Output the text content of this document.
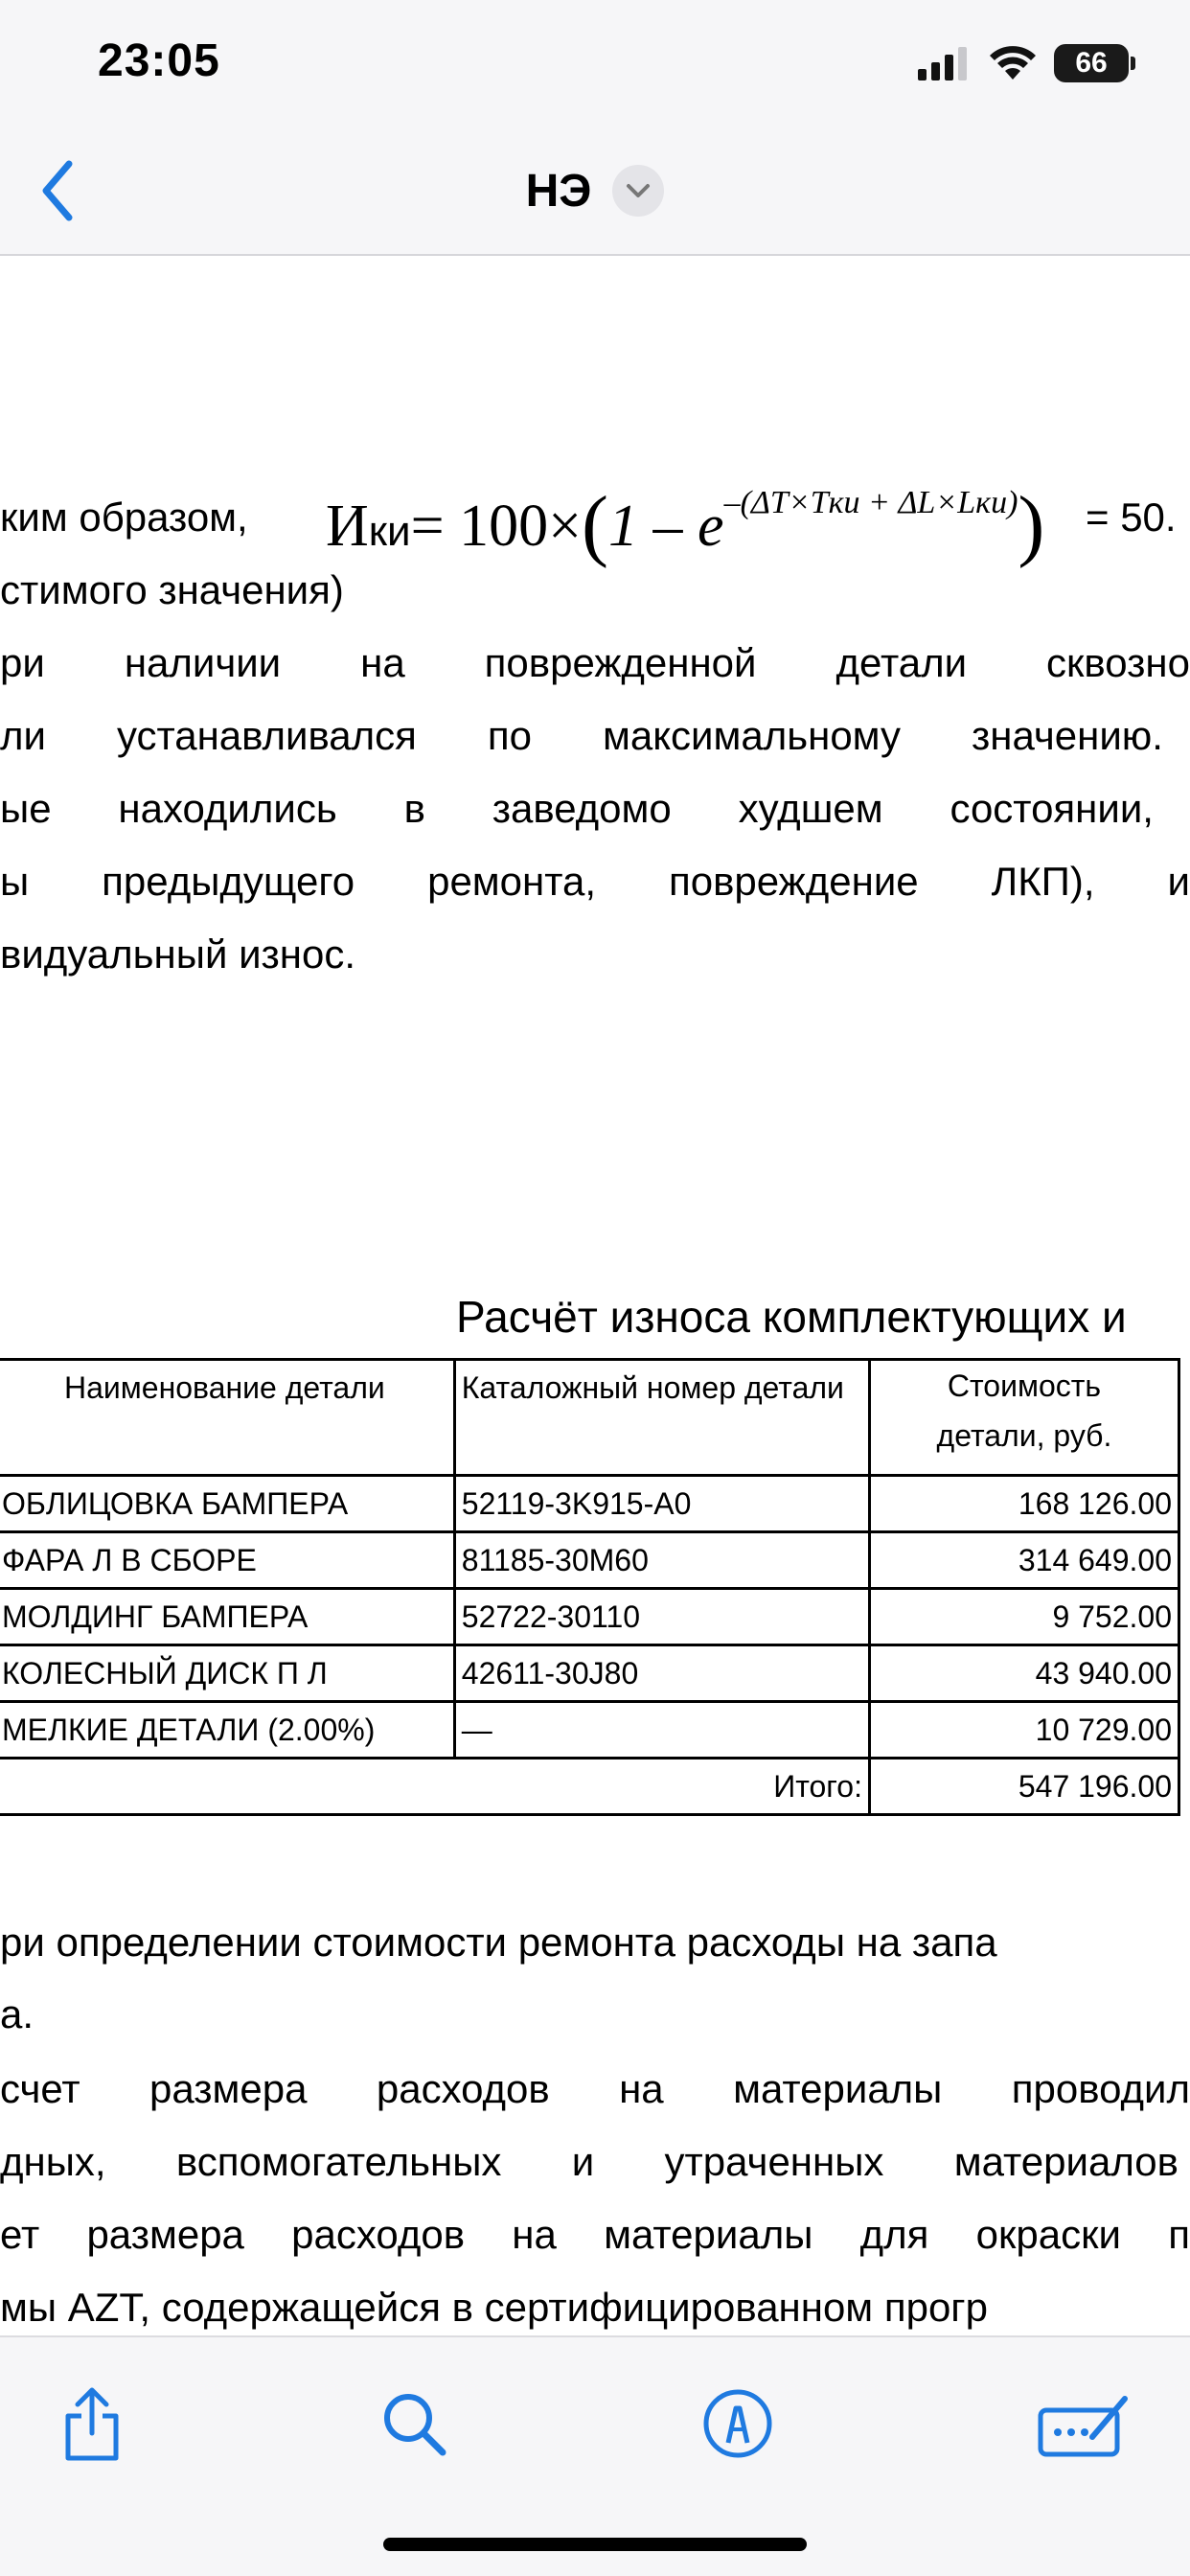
23:05	66
НЭ
ким образом, $Ики= 100\times(1 - e^{-(\Delta T\times Tки + \Delta L\times Lки)}) = 50$.
стимого значения)
ри наличии на поврежденной детали сквозно
ли устанавливался по максимальному значению.
ые находились в заведомо худшем состоянии,
ы предыдущего ремонта, повреждение ЛКП), и
видуальный износ.
Расчёт износа комплектующих и
	Наименование детали	Каталожный номер детали	Стоимость
детали, руб.

	ОБЛИЦОВКА БАМПЕРА	52119-3K915-A0	168 126.00
	ФАРА Л В СБОРЕ	81185-30M60	314 649.00
	МОЛДИНГ БАМПЕРА	52722-30110	9 752.00
	КОЛЕСНЫЙ ДИСК П Л	42611-30J80	43 940.00
	МЕЛКИЕ ДЕТАЛИ (2.00%)	—	10 729.00
Итого:			547 196.00
ри определении стоимости ремонта расходы на запа
а.
счет размера расходов на материалы проводил
дных, вспомогательных и утраченных материалов
ет размера расходов на материалы для окраски п
мы AZT, содержащейся в сертифицированном прогр
